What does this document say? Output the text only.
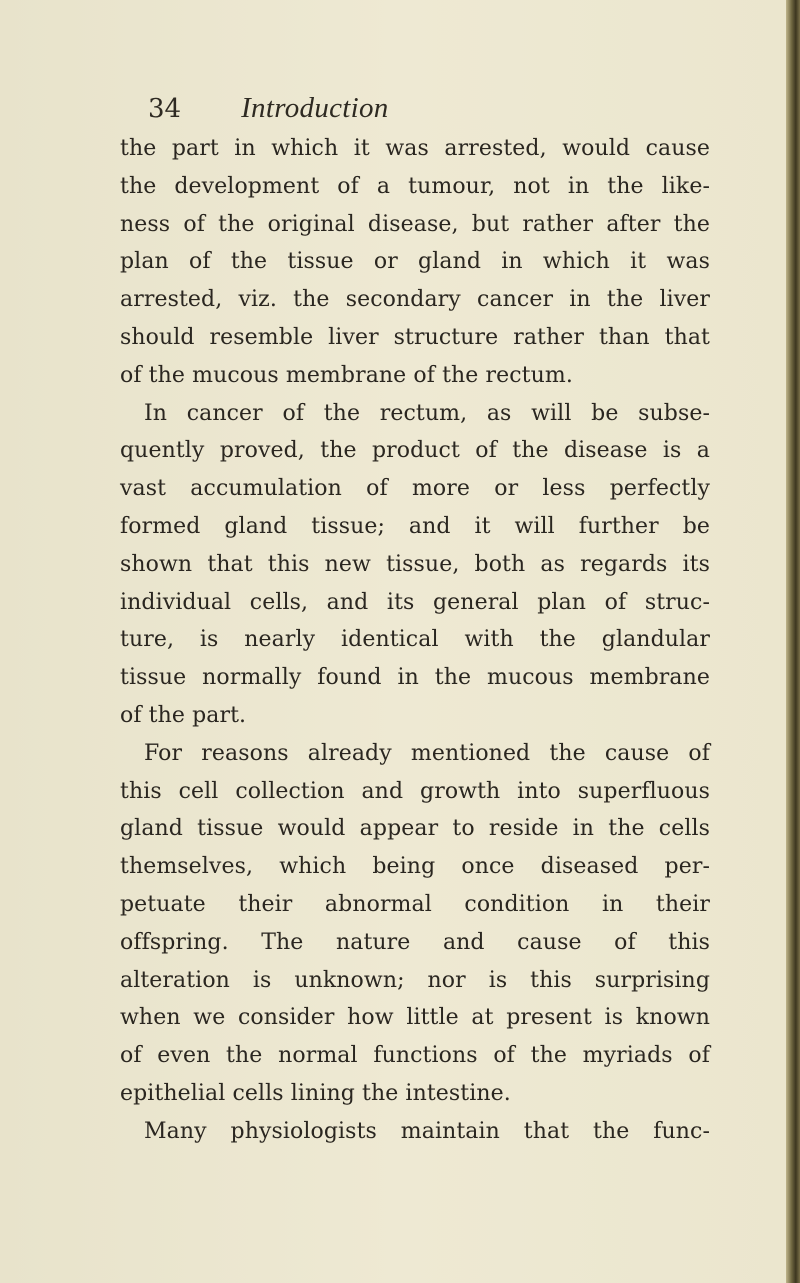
34 Introduction
the part in which it was arrested, would cause
the development of a tumour, not in the like-
ness of the original disease, but rather after the
plan of the tissue or gland in which it was
arrested, viz. the secondary cancer in the liver
should resemble liver structure rather than that
of the mucous membrane of the rectum.
In cancer of the rectum, as will be subse-
quently proved, the product of the disease is a
vast accumulation of more or less perfectly
formed gland tissue; and it will further be
shown that this new tissue, both as regards its
individual cells, and its general plan of struc-
ture, is nearly identical with the glandular
tissue normally found in the mucous membrane
of the part.
For reasons already mentioned the cause of
this cell collection and growth into superfluous
gland tissue would appear to reside in the cells
themselves, which being once diseased per-
petuate their abnormal condition in their
offspring. The nature and cause of this
alteration is unknown; nor is this surprising
when we consider how little at present is known
of even the normal functions of the myriads of
epithelial cells lining the intestine.
Many physiologists maintain that the func-
